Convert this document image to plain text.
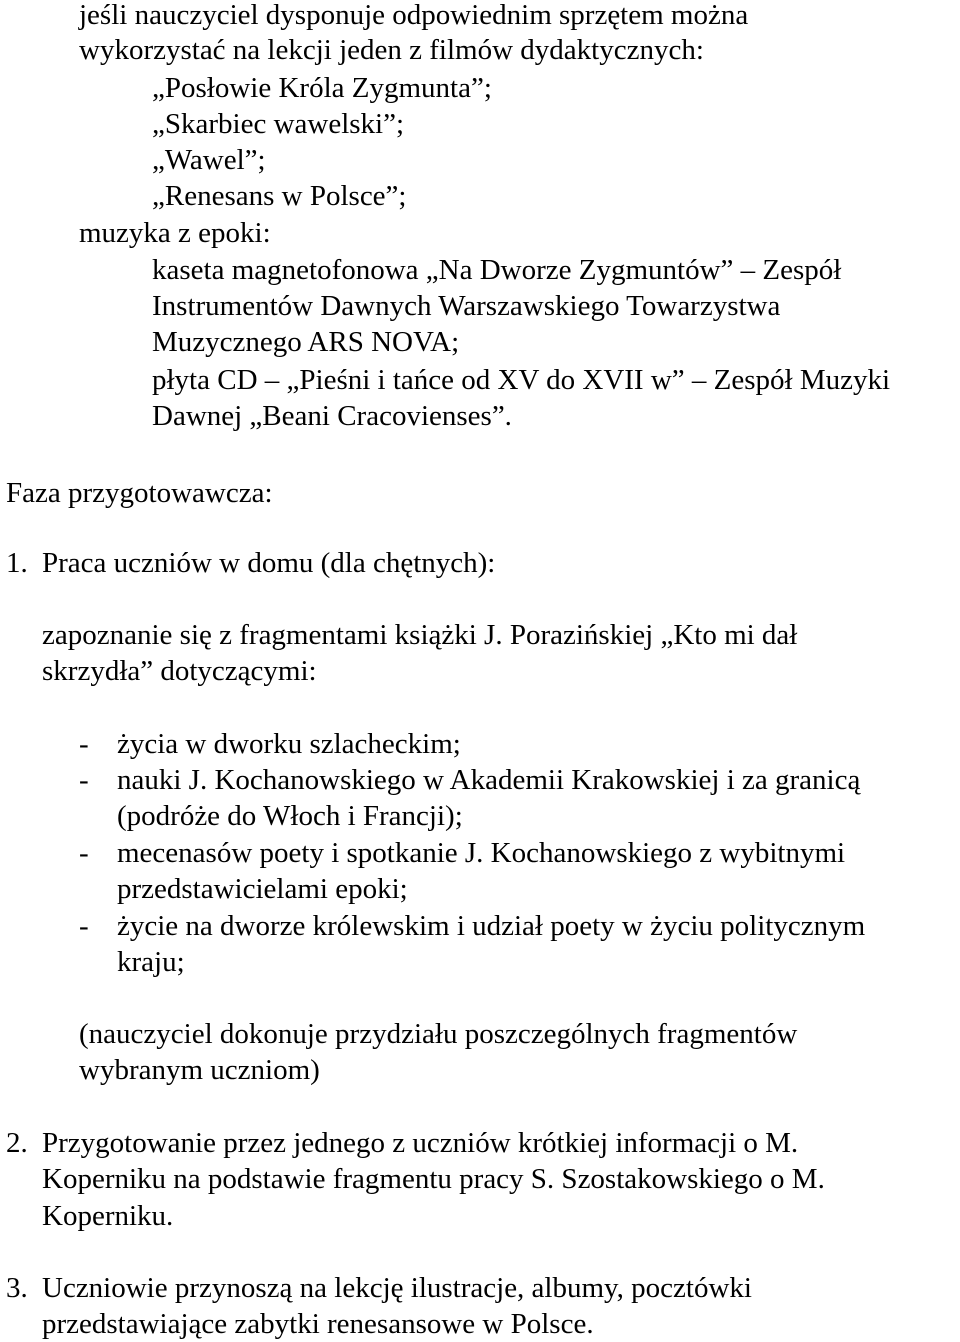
jeśli nauczyciel dysponuje odpowiednim sprzętem można
wykorzystać na lekcji jeden z filmów dydaktycznych:
„Posłowie Króla Zygmunta”;
„Skarbiec wawelski”;
„Wawel”;
„Renesans w Polsce”;
muzyka z epoki:
kaseta magnetofonowa „Na Dworze Zygmuntów” – Zespół
Instrumentów Dawnych Warszawskiego Towarzystwa
Muzycznego ARS NOVA;
płyta CD – „Pieśni i tańce od XV do XVII w” – Zespół Muzyki
Dawnej „Beani Cracovienses”.
Faza przygotowawcza:
1. Praca uczniów w domu (dla chętnych):
zapoznanie się z fragmentami książki J. Porazińskiej „Kto mi dał
skrzydła” dotyczącymi:
- życia w dworku szlacheckim;
- nauki J. Kochanowskiego w Akademii Krakowskiej i za granicą
(podróże do Włoch i Francji);
- mecenasów poety i spotkanie J. Kochanowskiego z wybitnymi
przedstawicielami epoki;
- życie na dworze królewskim i udział poety w życiu politycznym
kraju;
(nauczyciel dokonuje przydziału poszczególnych fragmentów
wybranym uczniom)
2. Przygotowanie przez jednego z uczniów krótkiej informacji o M.
Koperniku na podstawie fragmentu pracy S. Szostakowskiego o M.
Koperniku.
3. Uczniowie przynoszą na lekcję ilustracje, albumy, pocztówki
przedstawiające zabytki renesansowe w Polsce.
